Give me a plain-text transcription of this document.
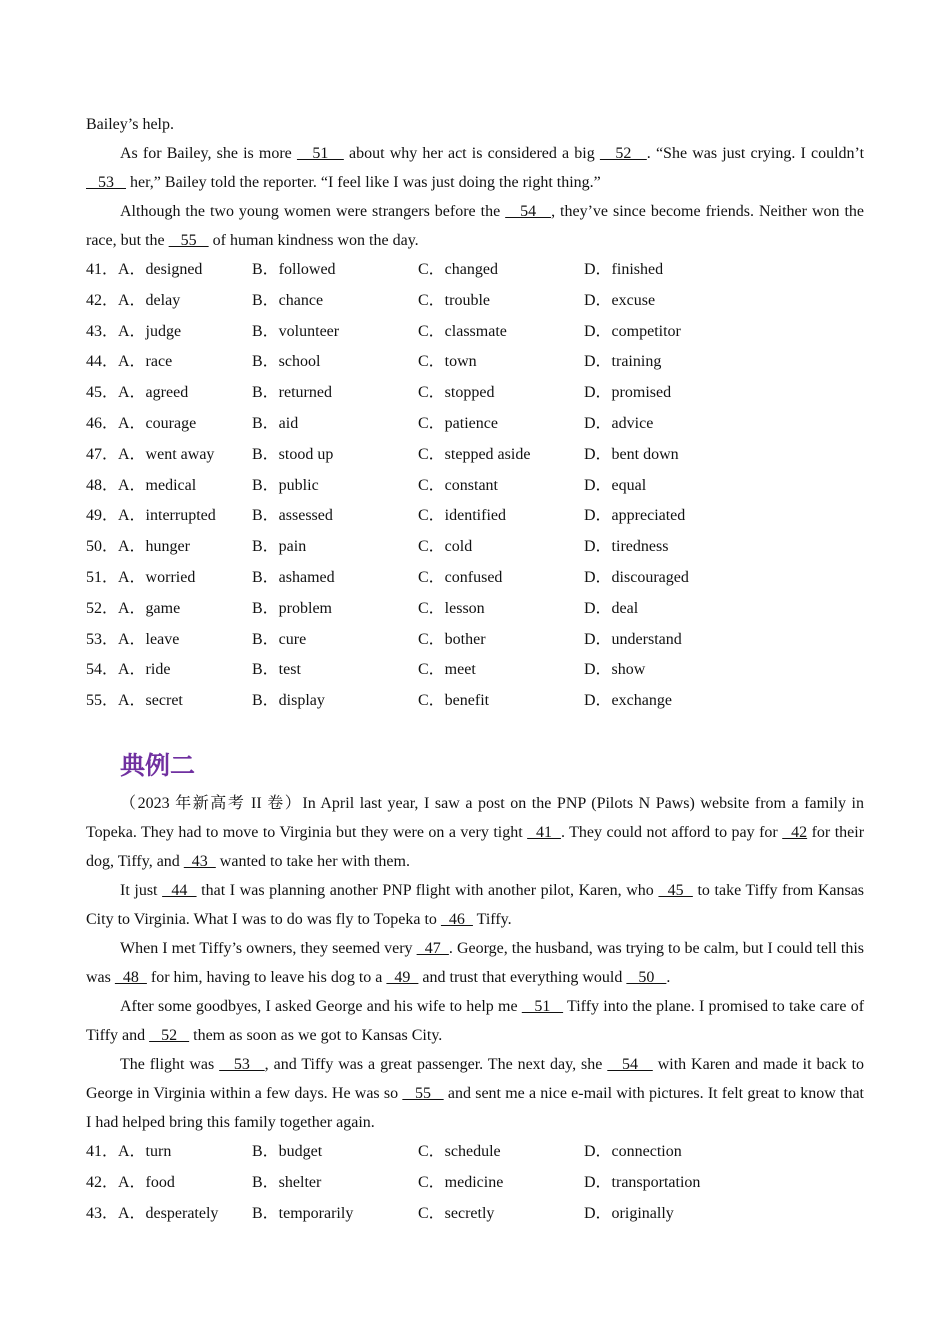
Bailey’s help.

As for Bailey, she is more    51    about why her act is considered a big    52   . “She was just crying. I couldn’t    53    her,” Bailey told the reporter. “I feel like I was just doing the right thing.”

Although the two young women were strangers before the    54   , they’ve since become friends. Neither won the race, but the    55    of human kindness won the day.

41．A．designed	B．followed	C．changed	D．finished
42．A．delay	B．chance	C．trouble	D．excuse
43．A．judge	B．volunteer	C．classmate	D．competitor
44．A．race	B．school	C．town	D．training
45．A．agreed	B．returned	C．stopped	D．promised
46．A．courage	B．aid	C．patience	D．advice
47．A．went away B．stood up	C．stepped aside	D．bent down
48．A．medical	B．public	C．constant	D．equal
49．A．interrupted B．assessed	C．identified	D．appreciated
50．A．hunger	B．pain	C．cold	D．tiredness
51．A．worried	B．ashamed	C．confused	D．discouraged
52．A．game	B．problem	C．lesson	D．deal
53．A．leave	B．cure	C．bother	D．understand
54．A．ride	B．test	C．meet	D．show
55．A．secret	B．display	C．benefit	D．exchange
典例二

（2023 年新高考 II 卷）In April last year, I saw a post on the PNP (Pilots N Paws) website from a family in Topeka. They had to move to Virginia but they were on a very tight   41  . They could not afford to pay for   42 for their dog, Tiffy, and   43   wanted to take her with them.

It just   44   that I was planning another PNP flight with another pilot, Karen, who   45   to take Tiffy from Kansas City to Virginia. What I was to do was fly to Topeka to   46   Tiffy.

When I met Tiffy’s owners, they seemed very   47  . George, the husband, was trying to be calm, but I could tell this was   48   for him, having to leave his dog to a   49   and trust that everything would    50   .

After some goodbyes, I asked George and his wife to help me    51    Tiffy into the plane. I promised to take care of Tiffy and    52    them as soon as we got to Kansas City.

The flight was    53   , and Tiffy was a great passenger. The next day, she    54    with Karen and made it back to George in Virginia within a few days. He was so    55    and sent me a nice e-mail with pictures. It felt great to know that I had helped bring this family together again.

41．A．turn	B．budget	C．schedule	D．connection
42．A．food	B．shelter	C．medicine	D．transportation
43．A．desperately B．temporarily	C．secretly	D．originally
